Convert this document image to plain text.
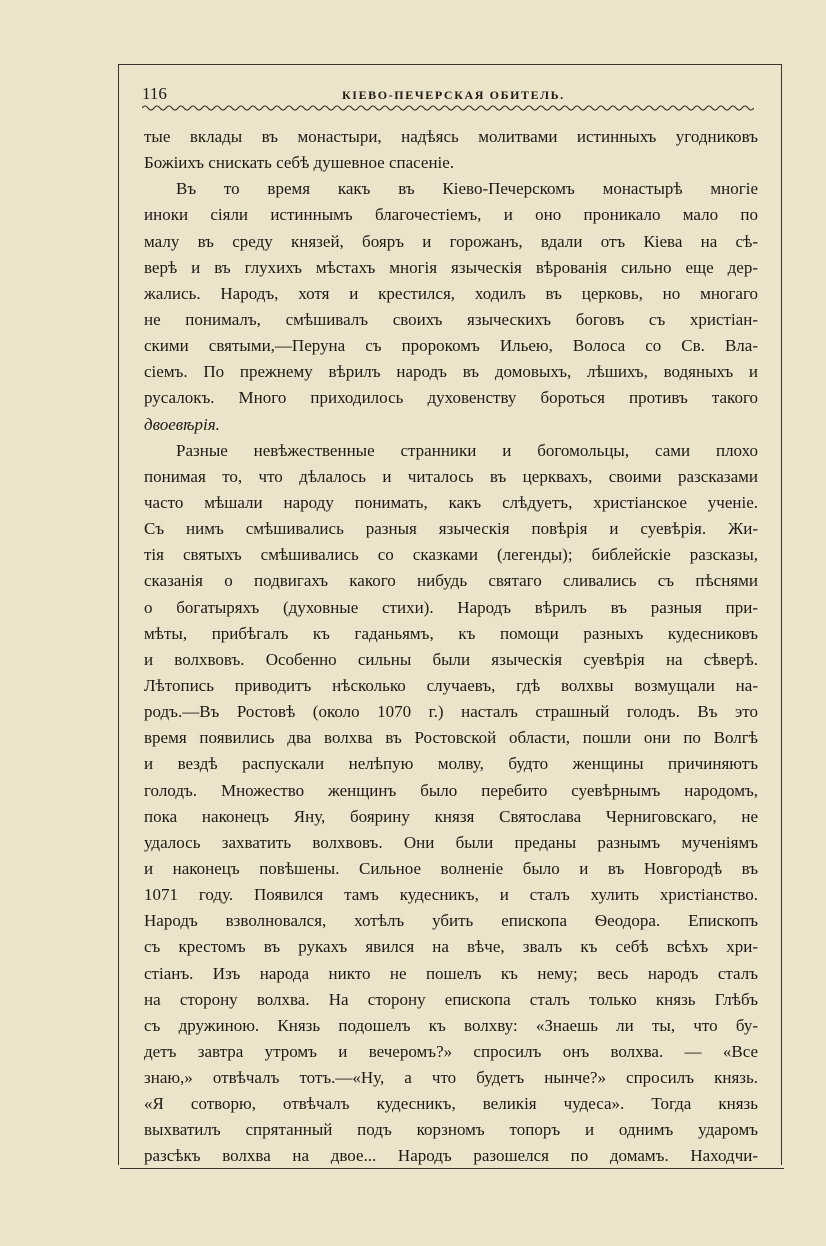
116	КІЕВО-ПЕЧЕРСКАЯ ОБИТЕЛЬ.
тые вклады въ монастыри, надѣясь молитвами истинныхъ угодниковъ
Божіихъ снискать себѣ душевное спасеніе.
Въ то время какъ въ Кіево-Печерскомъ монастырѣ многіе
иноки сіяли истиннымъ благочестіемъ, и оно проникало мало по
малу въ среду князей, бояръ и горожанъ, вдали отъ Кіева на сѣ-
верѣ и въ глухихъ мѣстахъ многія языческія вѣрованія сильно еще дер-
жались. Народъ, хотя и крестился, ходилъ въ церковь, но многаго
не понималъ, смѣшивалъ своихъ языческихъ боговъ съ христіан-
скими святыми,—Перуна съ пророкомъ Ильею, Волоса со Св. Вла-
сіемъ. По прежнему вѣрилъ народъ въ домовыхъ, лѣшихъ, водяныхъ и
русалокъ. Много приходилось духовенству бороться противъ такого
двоевѣрія.
Разные невѣжественные странники и богомольцы, сами плохо
понимая то, что дѣлалось и читалось въ церквахъ, своими разсказами
часто мѣшали народу понимать, какъ слѣдуетъ, христіанское ученіе.
Съ нимъ смѣшивались разныя языческія повѣрія и суевѣрія. Жи-
тія святыхъ смѣшивались со сказками (легенды); библейскіе разсказы,
сказанія о подвигахъ какого нибудь святаго сливались съ пѣснями
о богатыряхъ (духовные стихи). Народъ вѣрилъ въ разныя при-
мѣты, прибѣгалъ къ гаданьямъ, къ помощи разныхъ кудесниковъ
и волхвовъ. Особенно сильны были языческія суевѣрія на сѣверѣ.
Лѣтопись приводитъ нѣсколько случаевъ, гдѣ волхвы возмущали на-
родъ.—Въ Ростовѣ (около 1070 г.) насталъ страшный голодъ. Въ это
время появились два волхва въ Ростовской области, пошли они по Волгѣ
и вездѣ распускали нелѣпую молву, будто женщины причиняютъ
голодъ. Множество женщинъ было перебито суевѣрнымъ народомъ,
пока наконецъ Яну, боярину князя Святослава Черниговскаго, не
удалось захватить волхвовъ. Они были преданы разнымъ мученіямъ
и наконецъ повѣшены. Сильное волненіе было и въ Новгородѣ въ
1071 году. Появился тамъ кудесникъ, и сталъ хулить христіанство.
Народъ взволновался, хотѣлъ убить епископа Ѳеодора. Епископъ
съ крестомъ въ рукахъ явился на вѣче, звалъ къ себѣ всѣхъ хри-
стіанъ. Изъ народа никто не пошелъ къ нему; весь народъ сталъ
на сторону волхва. На сторону епископа сталъ только князь Глѣбъ
съ дружиною. Князь подошелъ къ волхву: «Знаешь ли ты, что бу-
детъ завтра утромъ и вечеромъ?» спросилъ онъ волхва. — «Все
знаю,» отвѣчалъ тотъ.—«Ну, а что будетъ нынче?» спросилъ князь.
«Я сотворю, отвѣчалъ кудесникъ, великія чудеса». Тогда князь
выхватилъ спрятанный подъ корзномъ топоръ и однимъ ударомъ
разсѣкъ волхва на двое... Народъ разошелся по домамъ. Находчи-
